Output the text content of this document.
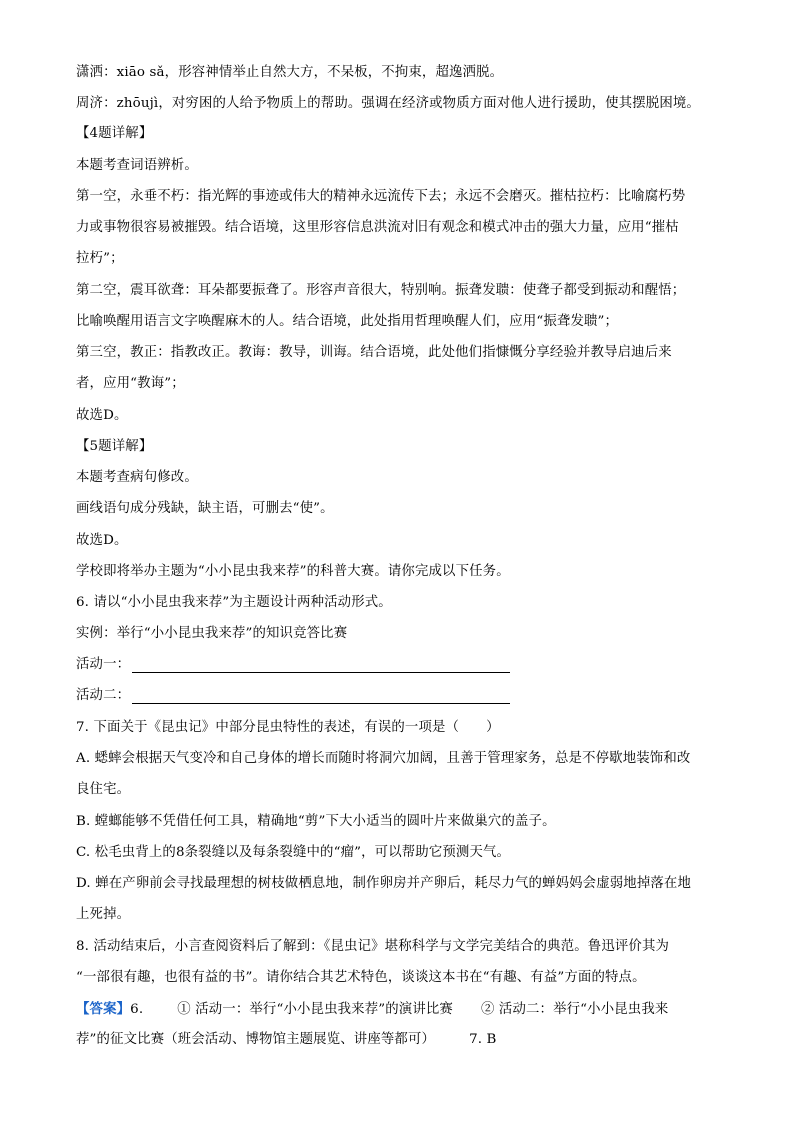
潇洒：xiāo sǎ，形容神情举止自然大方，不呆板，不拘束，超逸洒脱。
周济：zhōujì，对穷困的人给予物质上的帮助。强调在经济或物质方面对他人进行援助，使其摆脱困境。
【4题详解】
本题考查词语辨析。
第一空，永垂不朽：指光辉的事迹或伟大的精神永远流传下去；永远不会磨灭。摧枯拉朽：比喻腐朽势
力或事物很容易被摧毁。结合语境，这里形容信息洪流对旧有观念和模式冲击的强大力量，应用“摧枯
拉朽”；
第二空，震耳欲聋：耳朵都要振聋了。形容声音很大，特别响。振聋发聩：使聋子都受到振动和醒悟；
比喻唤醒用语言文字唤醒麻木的人。结合语境，此处指用哲理唤醒人们，应用“振聋发聩”；
第三空，教正：指教改正。教诲：教导，训诲。结合语境，此处他们指慷慨分享经验并教导启迪后来
者，应用“教诲”；
故选D。
【5题详解】
本题考查病句修改。
画线语句成分残缺，缺主语，可删去“使”。
故选D。
学校即将举办主题为“小小昆虫我来荐”的科普大赛。请你完成以下任务。
6. 请以“小小昆虫我来荐”为主题设计两种活动形式。
实例：举行“小小昆虫我来荐”的知识竞答比赛
活动一：
活动二：
7. 下面关于《昆虫记》中部分昆虫特性的表述，有误的一项是（　　）
A. 蟋蟀会根据天气变冷和自己身体的增长而随时将洞穴加阔，且善于管理家务，总是不停歇地装饰和改
良住宅。
B. 螳螂能够不凭借任何工具，精确地“剪”下大小适当的圆叶片来做巢穴的盖子。
C. 松毛虫背上的8条裂缝以及每条裂缝中的“瘤”，可以帮助它预测天气。
D. 蝉在产卵前会寻找最理想的树枝做栖息地，制作卵房并产卵后，耗尽力气的蝉妈妈会虚弱地掉落在地
上死掉。
8. 活动结束后，小言查阅资料后了解到：《昆虫记》堪称科学与文学完美结合的典范。鲁迅评价其为
“一部很有趣，也很有益的书”。请你结合其艺术特色，谈谈这本书在“有趣、有益”方面的特点。
【答案】6.	① 活动一：举行“小小昆虫我来荐”的演讲比赛 ② 活动二：举行“小小昆虫我来
荐”的征文比赛（班会活动、博物馆主题展览、讲座等都可）	7. B
